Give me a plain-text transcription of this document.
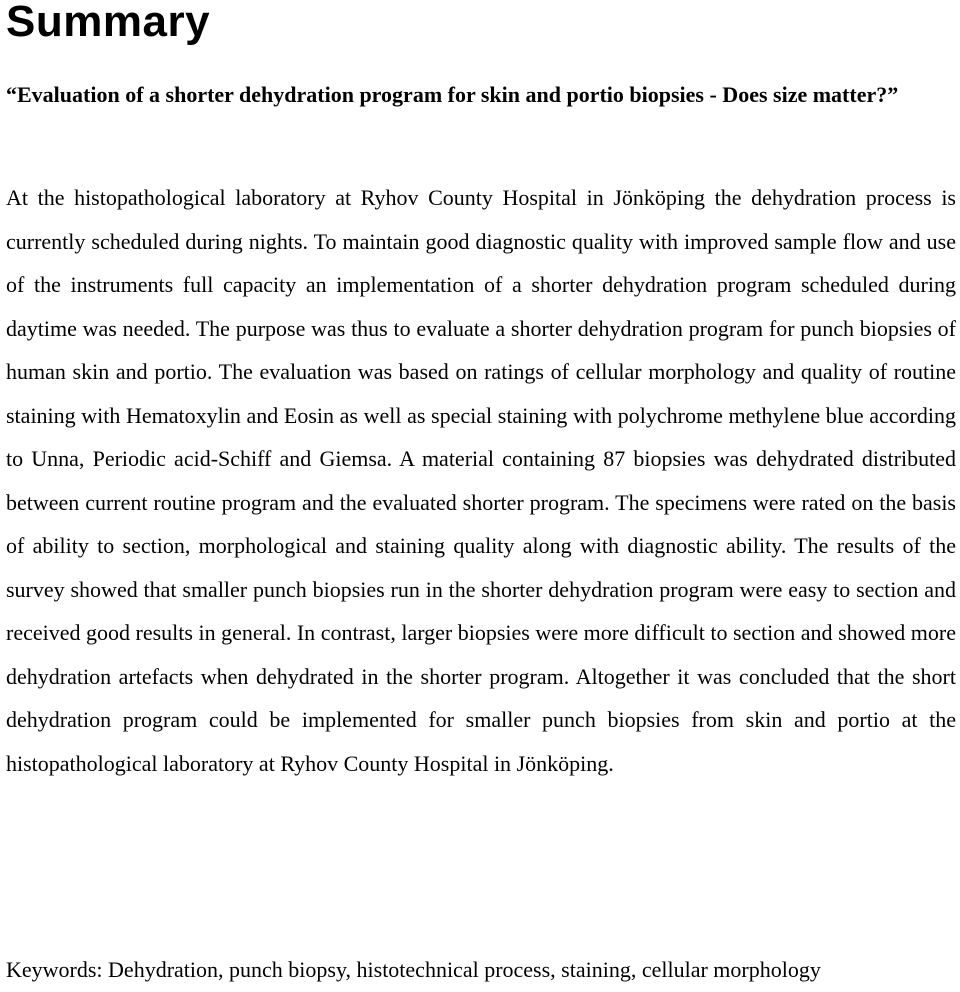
Summary

“Evaluation of a shorter dehydration program for skin and portio biopsies - Does size matter?”

At the histopathological laboratory at Ryhov County Hospital in Jönköping the dehydration process is currently scheduled during nights. To maintain good diagnostic quality with improved sample flow and use of the instruments full capacity an implementation of a shorter dehydration program scheduled during daytime was needed. The purpose was thus to evaluate a shorter dehydration program for punch biopsies of human skin and portio. The evaluation was based on ratings of cellular morphology and quality of routine staining with Hematoxylin and Eosin as well as special staining with polychrome methylene blue according to Unna, Periodic acid-Schiff and Giemsa. A material containing 87 biopsies was dehydrated distributed between current routine program and the evaluated shorter program. The specimens were rated on the basis of ability to section, morphological and staining quality along with diagnostic ability. The results of the survey showed that smaller punch biopsies run in the shorter dehydration program were easy to section and received good results in general. In contrast, larger biopsies were more difficult to section and showed more dehydration artefacts when dehydrated in the shorter program. Altogether it was concluded that the short dehydration program could be implemented for smaller punch biopsies from skin and portio at the histopathological laboratory at Ryhov County Hospital in Jönköping.

Keywords: Dehydration, punch biopsy, histotechnical process, staining, cellular morphology
